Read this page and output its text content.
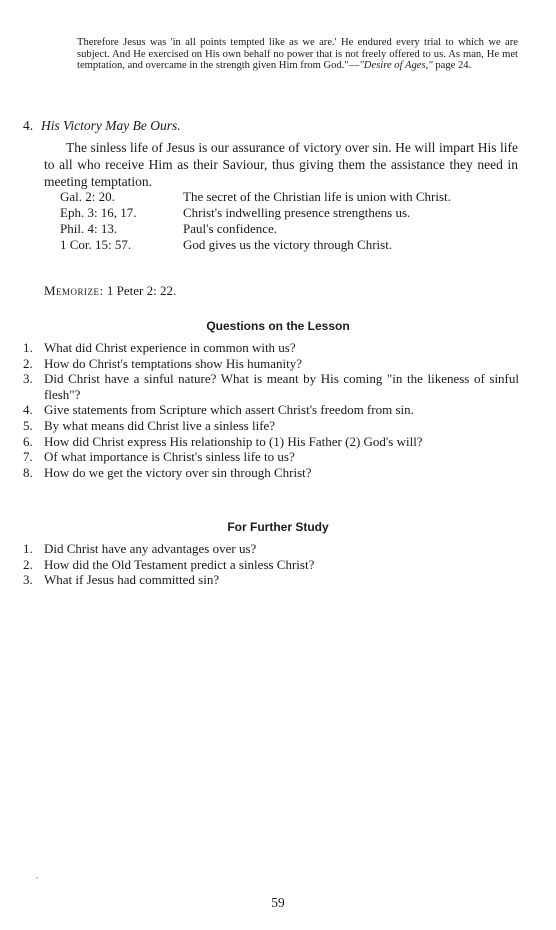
Therefore Jesus was 'in all points tempted like as we are.' He endured every trial to which we are subject. And He exercised on His own behalf no power that is not freely offered to us. As man, He met temptation, and overcame in the strength given Him from God."—"Desire of Ages," page 24.
4. His Victory May Be Ours.
The sinless life of Jesus is our assurance of victory over sin. He will impart His life to all who receive Him as their Saviour, thus giving them the assistance they need in meeting temptation.
Gal. 2: 20.	The secret of the Christian life is union with Christ.
Eph. 3: 16, 17.	Christ's indwelling presence strengthens us.
Phil. 4: 13.	Paul's confidence.
1 Cor. 15: 57.	God gives us the victory through Christ.
Memorize: 1 Peter 2: 22.
Questions on the Lesson
1. What did Christ experience in common with us?
2. How do Christ's temptations show His humanity?
3. Did Christ have a sinful nature? What is meant by His coming "in the likeness of sinful flesh"?
4. Give statements from Scripture which assert Christ's freedom from sin.
5. By what means did Christ live a sinless life?
6. How did Christ express His relationship to (1) His Father (2) God's will?
7. Of what importance is Christ's sinless life to us?
8. How do we get the victory over sin through Christ?
For Further Study
1. Did Christ have any advantages over us?
2. How did the Old Testament predict a sinless Christ?
3. What if Jesus had committed sin?
59
